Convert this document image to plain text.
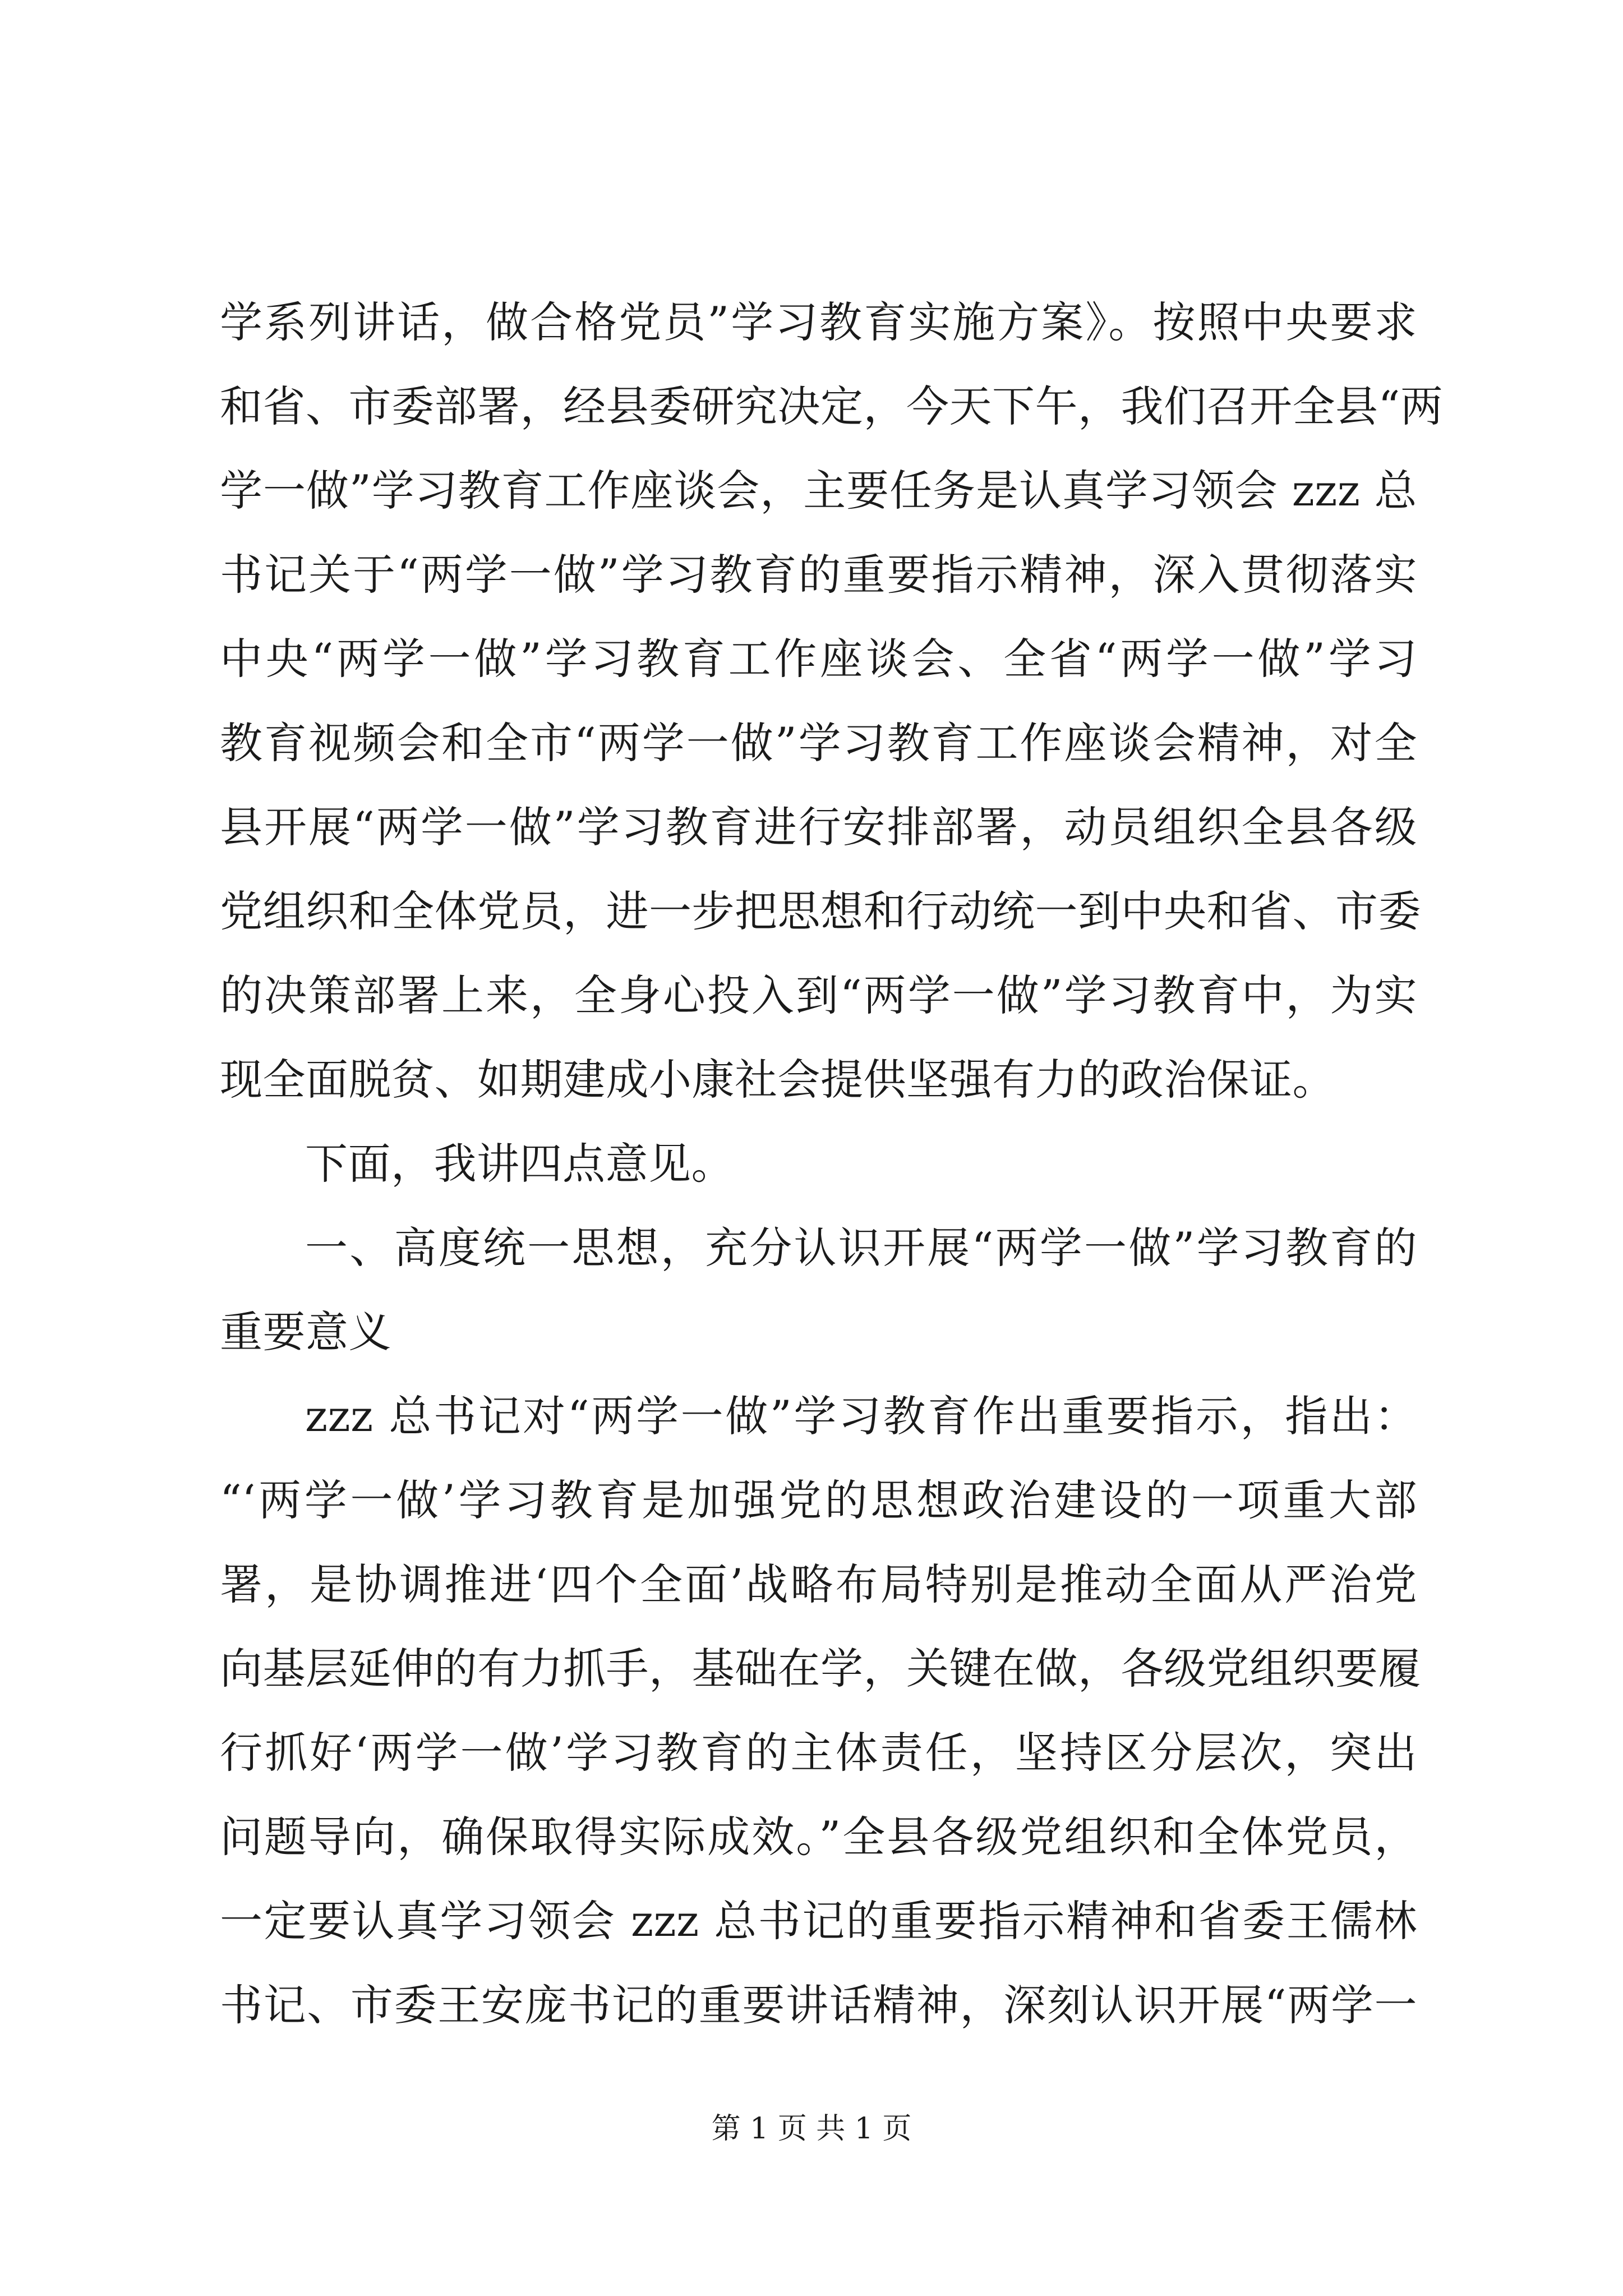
学系列讲话，做合格党员”学习教育实施方案》。按照中央要求
和省、市委部署，经县委研究决定，今天下午，我们召开全县“两
学一做”学习教育工作座谈会，主要任务是认真学习领会 zzz 总
书记关于“两学一做”学习教育的重要指示精神，深入贯彻落实
中央“两学一做”学习教育工作座谈会、全省“两学一做”学习
教育视频会和全市“两学一做”学习教育工作座谈会精神，对全
县开展“两学一做”学习教育进行安排部署，动员组织全县各级
党组织和全体党员，进一步把思想和行动统一到中央和省、市委
的决策部署上来，全身心投入到“两学一做”学习教育中，为实
现全面脱贫、如期建成小康社会提供坚强有力的政治保证。
下面，我讲四点意见。
一、高度统一思想，充分认识开展“两学一做”学习教育的
重要意义
zzz 总书记对“两学一做”学习教育作出重要指示，指出：
“‘两学一做’学习教育是加强党的思想政治建设的一项重大部
署，是协调推进‘四个全面’战略布局特别是推动全面从严治党
向基层延伸的有力抓手，基础在学，关键在做，各级党组织要履
行抓好‘两学一做’学习教育的主体责任，坚持区分层次，突出
问题导向，确保取得实际成效。”全县各级党组织和全体党员，
一定要认真学习领会 zzz 总书记的重要指示精神和省委王儒林
书记、市委王安庞书记的重要讲话精神，深刻认识开展“两学一
第 1 页 共 1 页
